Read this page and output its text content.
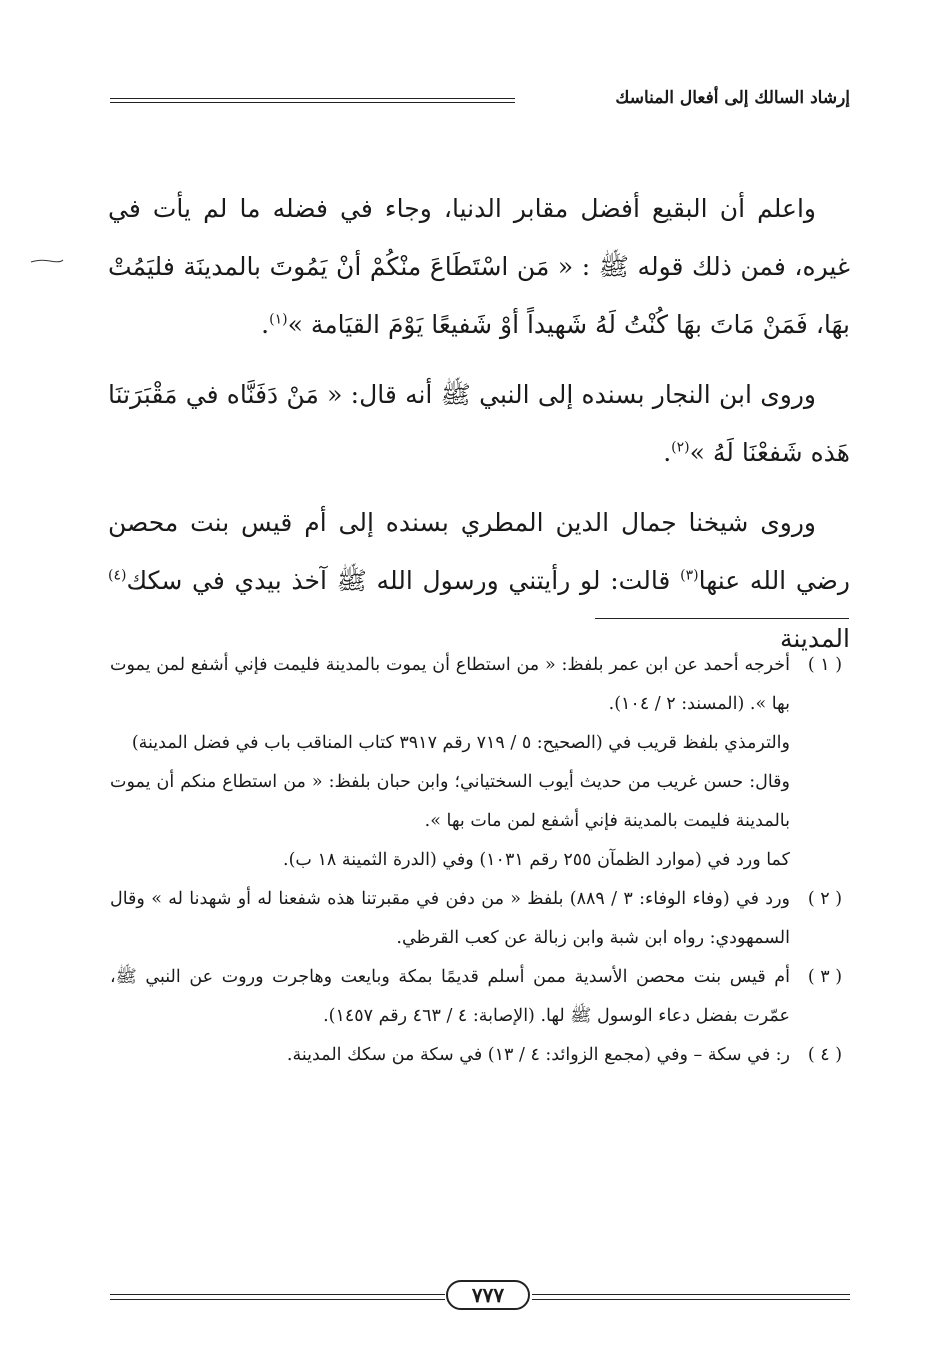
إرشاد السالك إلى أفعال المناسك

واعلم أن البقيع أفضل مقابر الدنيا، وجاء في فضله ما لم يأت في غيره، فمن ذلك قوله ﷺ : « مَن اسْتَطَاعَ منْكُمْ أنْ يَمُوتَ بالمدينَة فليَمُتْ بهَا، فَمَنْ مَاتَ بهَا كُنْتُ لَهُ شَهيداً أوْ شَفيعًا يَوْمَ القيَامة »$^{(١)}$.

وروى ابن النجار بسنده إلى النبي ﷺ أنه قال: « مَنْ دَفَنَّاه في مَقْبَرَتنَا هَذه شَفعْنَا لَهُ »$^{(٢)}$.

وروى شيخنا جمال الدين المطري بسنده إلى أم قيس بنت محصن رضي الله عنها$^{(٣)}$ قالت: لو رأيتني ورسول الله ﷺ آخذ بيدي في سكك$^{(٤)}$ المدينة

( ١ )
أخرجه أحمد عن ابن عمر بلفظ: « من استطاع أن يموت بالمدينة فليمت فإني أشفع لمن يموت بها ». (المسند: ٢ / ١٠٤).
والترمذي بلفظ قريب في (الصحيح: ٥ / ٧١٩ رقم ٣٩١٧ كتاب المناقب باب في فضل المدينة)
وقال: حسن غريب من حديث أيوب السختياني؛ وابن حبان بلفظ: « من استطاع منكم أن يموت بالمدينة فليمت بالمدينة فإني أشفع لمن مات بها ».
كما ورد في (موارد الظمآن ٢٥٥ رقم ١٠٣١) وفي (الدرة الثمينة ١٨ ب).
( ٢ )
ورد في (وفاء الوفاء: ٣ / ٨٨٩) بلفظ « من دفن في مقبرتنا هذه شفعنا له أو شهدنا له » وقال السمهودي: رواه ابن شبة وابن زبالة عن كعب القرظي.
( ٣ )
أم قيس بنت محصن الأسدية ممن أسلم قديمًا بمكة وبايعت وهاجرت وروت عن النبي ﷺ، عمّرت بفضل دعاء الوسول ﷺ لها. (الإصابة: ٤ / ٤٦٣ رقم ١٤٥٧).
( ٤ )
ر: في سكة – وفي (مجمع الزوائد: ٤ / ١٣) في سكة من سكك المدينة.
٧٧٧
